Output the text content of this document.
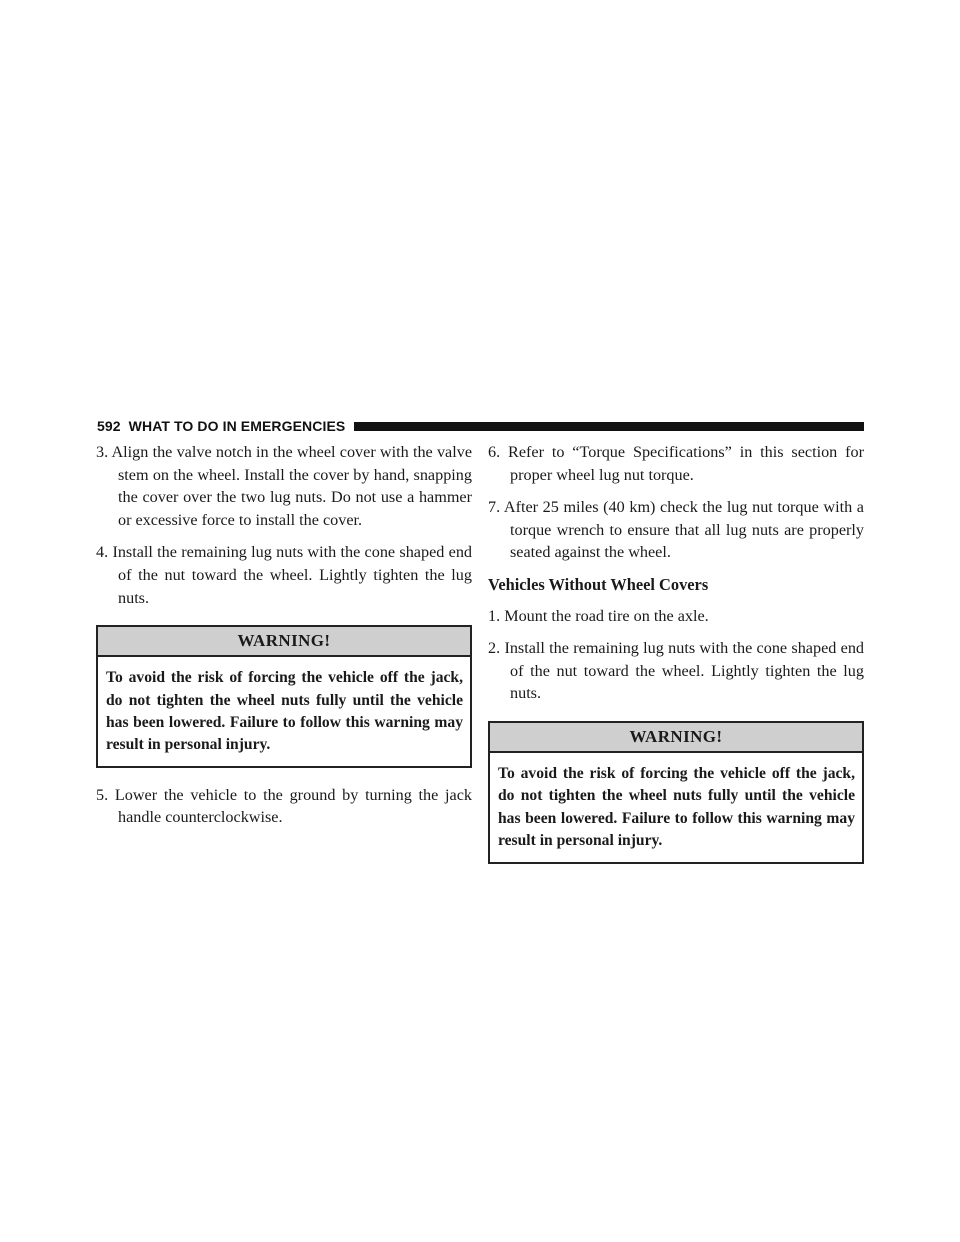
592 WHAT TO DO IN EMERGENCIES

3. Align the valve notch in the wheel cover with the valve stem on the wheel. Install the cover by hand, snapping the cover over the two lug nuts. Do not use a hammer or excessive force to install the cover.

4. Install the remaining lug nuts with the cone shaped end of the nut toward the wheel. Lightly tighten the lug nuts.

WARNING!
To avoid the risk of forcing the vehicle off the jack, do not tighten the wheel nuts fully until the vehicle has been lowered. Failure to follow this warning may result in personal injury.

5. Lower the vehicle to the ground by turning the jack handle counterclockwise.

6. Refer to “Torque Specifications” in this section for proper wheel lug nut torque.

7. After 25 miles (40 km) check the lug nut torque with a torque wrench to ensure that all lug nuts are properly seated against the wheel.

Vehicles Without Wheel Covers

1. Mount the road tire on the axle.

2. Install the remaining lug nuts with the cone shaped end of the nut toward the wheel. Lightly tighten the lug nuts.

WARNING!
To avoid the risk of forcing the vehicle off the jack, do not tighten the wheel nuts fully until the vehicle has been lowered. Failure to follow this warning may result in personal injury.
